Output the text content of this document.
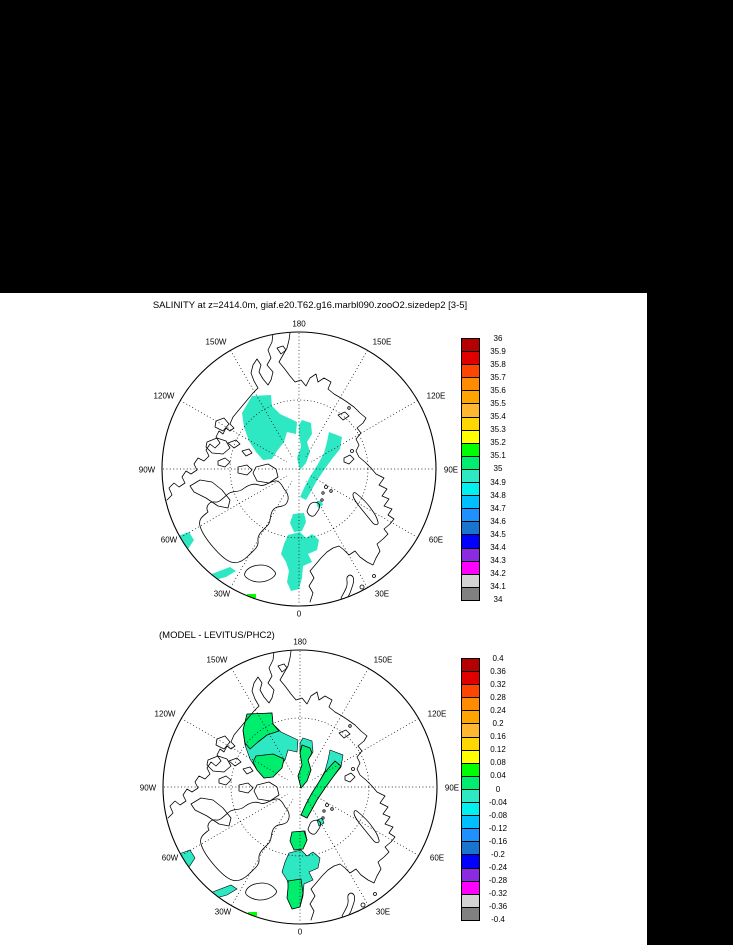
SALINITY at z=2414.0m, giaf.e20.T62.g16.marbl090.zooO2.sizedep2 [3-5]
180
150W	150E
120W	120E
90W	90E
60W	60E
30W	30E
0
36
35.9
35.8
35.7
35.6
35.5
35.4
35.3
35.2
35.1
35
34.9
34.8
34.7
34.6
34.5
34.4
34.3
34.2
34.1
34
(MODEL - LEVITUS/PHC2)
180
150W	150E
120W	120E
90W	90E
60W	60E
30W	30E
0
0.4
0.36
0.32
0.28
0.24
0.2
0.16
0.12
0.08
0.04
0
-0.04
-0.08
-0.12
-0.16
-0.2
-0.24
-0.28
-0.32
-0.36
-0.4
